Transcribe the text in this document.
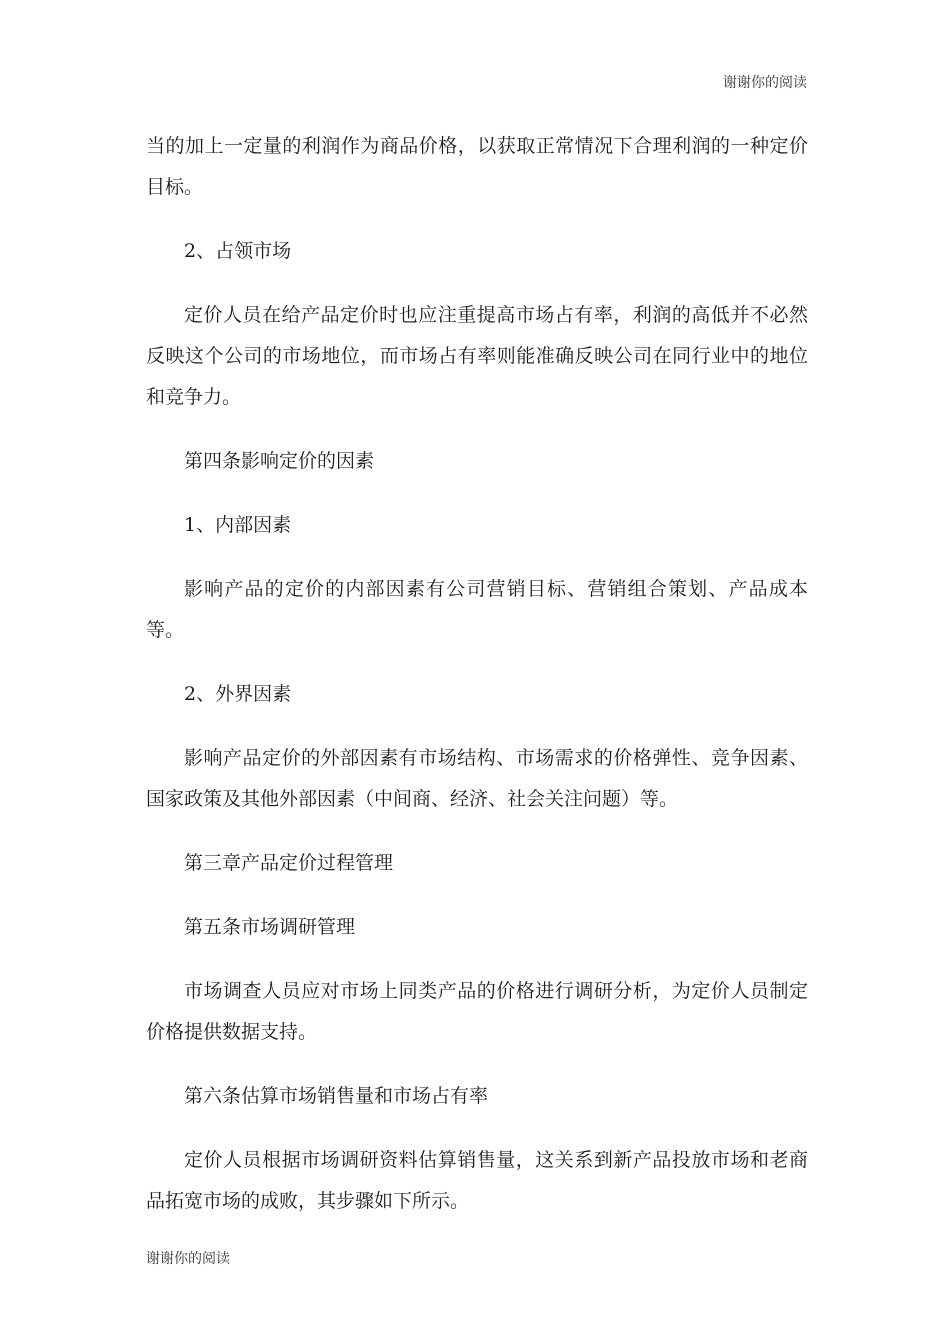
谢谢你的阅读

当的加上一定量的利润作为商品价格，以获取正常情况下合理利润的一种定价目标。

2、占领市场

定价人员在给产品定价时也应注重提高市场占有率，利润的高低并不必然反映这个公司的市场地位，而市场占有率则能准确反映公司在同行业中的地位和竞争力。

第四条影响定价的因素

1、内部因素

影响产品的定价的内部因素有公司营销目标、营销组合策划、产品成本等。

2、外界因素

影响产品定价的外部因素有市场结构、市场需求的价格弹性、竞争因素、国家政策及其他外部因素（中间商、经济、社会关注问题）等。

第三章产品定价过程管理

第五条市场调研管理

市场调查人员应对市场上同类产品的价格进行调研分析，为定价人员制定价格提供数据支持。

第六条估算市场销售量和市场占有率

定价人员根据市场调研资料估算销售量，这关系到新产品投放市场和老商品拓宽市场的成败，其步骤如下所示。

谢谢你的阅读
